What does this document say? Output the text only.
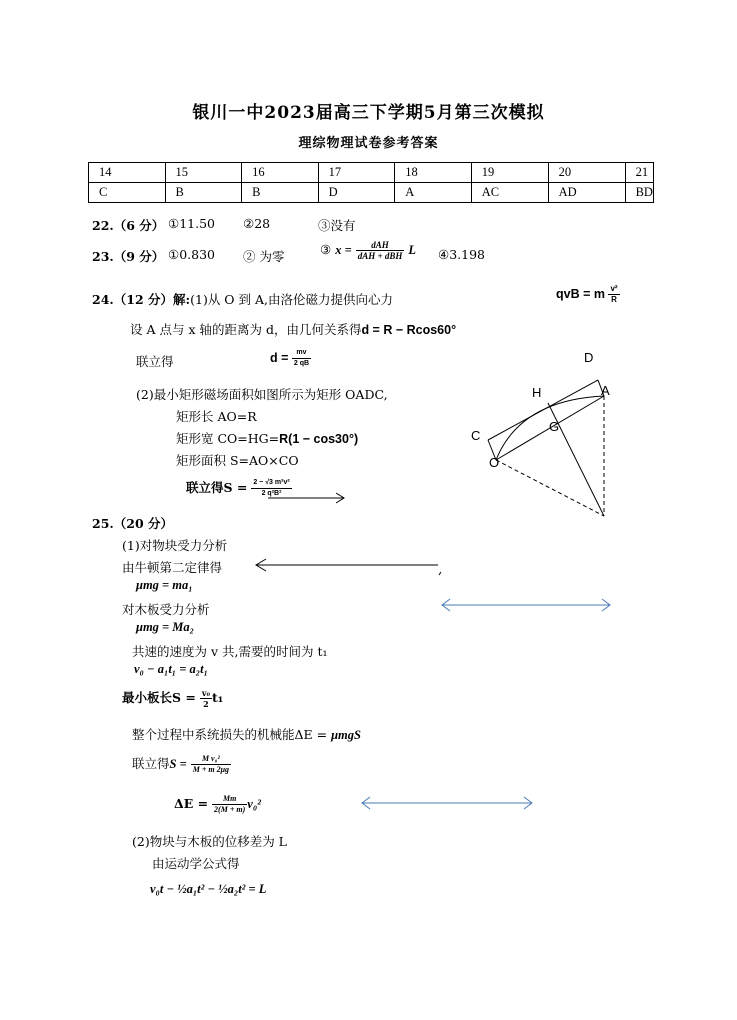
银川一中2023届高三下学期5月第三次模拟
理综物理试卷参考答案
14	15	16	17	18	19	20	21
C	B	B	D	A	AC	AD	BD
22.（6 分） ①11.50 ②28	③没有
23.（9 分） ①0.830 ② 为零	③ $x = \frac{\text{dAH}}{\text{dAH + dBH}}$ L ④3.198
24.（12 分）解:(1)从 O 到 A,由洛伦磁力提供向心力	qvB = m $\frac{\text{v²}}{R}$
设 A 点与 x 轴的距离为 d，由几何关系得d = R − Rcos60°
联立得	$d = \frac{mv}{2 qB}$
(2)最小矩形磁场面积如图所示为矩形 OADC,
矩形长 AO=R
矩形宽 CO=HG=R(1 − cos30°)
矩形面积 S=AO×CO
联立得$S = \frac{\text{2 − √3 m²v²}}{\text{2 q²B²}}$
D
H	A
C
G
O
25.（20 分）
(1)对物块受力分析
由牛顿第二定律得
μmg = ma₁
对木板受力分析
μmg = Ma₂
共速的速度为 v 共,需要的时间为 t₁
v₀ − a₁t₁ = a₂t₁
最小板长$S = \frac{\text{v₀}}{2} t_1$
整个过程中系统损失的机械能ΔE = μmgS
联立得$S = \frac{\text{M v₀²}}{M + m 2\mu g}$
$\Delta E = \frac{Mm}{2(M + m)} v_0^2$
(2)物块与木板的位移差为 L
由运动学公式得
v₀t − ½a₁t² − ½a₂t² = L
